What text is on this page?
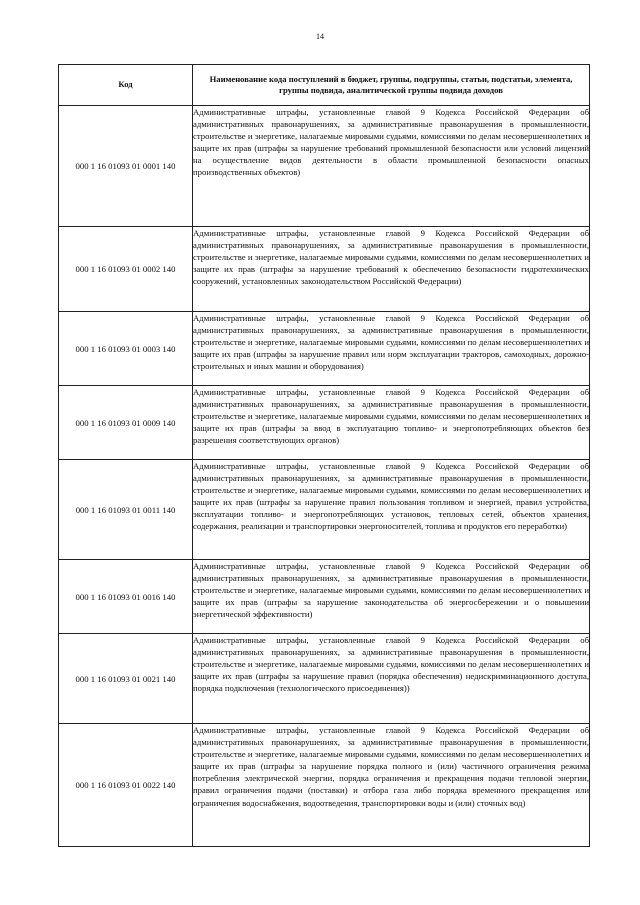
14
Код	Наименование кода поступлений в бюджет, группы, подгруппы, статьи, подстатьи, элемента, группы подвида, аналитической группы подвида доходов
000 1 16 01093 01 0001 140	Административные штрафы, установленные главой 9 Кодекса Российской Федерации об административных правонарушениях, за административные правонарушения в промышленности, строительстве и энергетике, налагаемые мировыми судьями, комиссиями по делам несовершеннолетних и защите их прав (штрафы за нарушение требований промышленной безопасности или условий лицензий на осуществление видов деятельности в области промышленной безопасности опасных производственных объектов)
000 1 16 01093 01 0002 140	Административные штрафы, установленные главой 9 Кодекса Российской Федерации об административных правонарушениях, за административные правонарушения в промышленности, строительстве и энергетике, налагаемые мировыми судьями, комиссиями по делам несовершеннолетних и защите их прав (штрафы за нарушение требований к обеспечению безопасности гидротехнических сооружений, установленных законодательством Российской Федерации)
000 1 16 01093 01 0003 140	Административные штрафы, установленные главой 9 Кодекса Российской Федерации об административных правонарушениях, за административные правонарушения в промышленности, строительстве и энергетике, налагаемые мировыми судьями, комиссиями по делам несовершеннолетних и защите их прав (штрафы за нарушение правил или норм эксплуатации тракторов, самоходных, дорожно-строительных и иных машин и оборудования)
000 1 16 01093 01 0009 140	Административные штрафы, установленные главой 9 Кодекса Российской Федерации об административных правонарушениях, за административные правонарушения в промышленности, строительстве и энергетике, налагаемые мировыми судьями, комиссиями по делам несовершеннолетних и защите их прав (штрафы за ввод в эксплуатацию топливо- и энергопотребляющих объектов без разрешения соответствующих органов)
000 1 16 01093 01 0011 140	Административные штрафы, установленные главой 9 Кодекса Российской Федерации об административных правонарушениях, за административные правонарушения в промышленности, строительстве и энергетике, налагаемые мировыми судьями, комиссиями по делам несовершеннолетних и защите их прав (штрафы за нарушение правил пользования топливом и энергией, правил устройства, эксплуатации топливо- и энергопотребляющих установок, тепловых сетей, объектов хранения, содержания, реализации и транспортировки энергоносителей, топлива и продуктов его переработки)
000 1 16 01093 01 0016 140	Административные штрафы, установленные главой 9 Кодекса Российской Федерации об административных правонарушениях, за административные правонарушения в промышленности, строительстве и энергетике, налагаемые мировыми судьями, комиссиями по делам несовершеннолетних и защите их прав (штрафы за нарушение законодательства об энергосбережении и о повышении энергетической эффективности)
000 1 16 01093 01 0021 140	Административные штрафы, установленные главой 9 Кодекса Российской Федерации об административных правонарушениях, за административные правонарушения в промышленности, строительстве и энергетике, налагаемые мировыми судьями, комиссиями по делам несовершеннолетних и защите их прав (штрафы за нарушение правил (порядка обеспечения) недискриминационного доступа, порядка подключения (технологического присоединения))
000 1 16 01093 01 0022 140	Административные штрафы, установленные главой 9 Кодекса Российской Федерации об административных правонарушениях, за административные правонарушения в промышленности, строительстве и энергетике, налагаемые мировыми судьями, комиссиями по делам несовершеннолетних и защите их прав (штрафы за нарушение порядка полного и (или) частичного ограничения режима потребления электрической энергии, порядка ограничения и прекращения подачи тепловой энергии, правил ограничения подачи (поставки) и отбора газа либо порядка временного прекращения или ограничения водоснабжения, водоотведения, транспортировки воды и (или) сточных вод)
